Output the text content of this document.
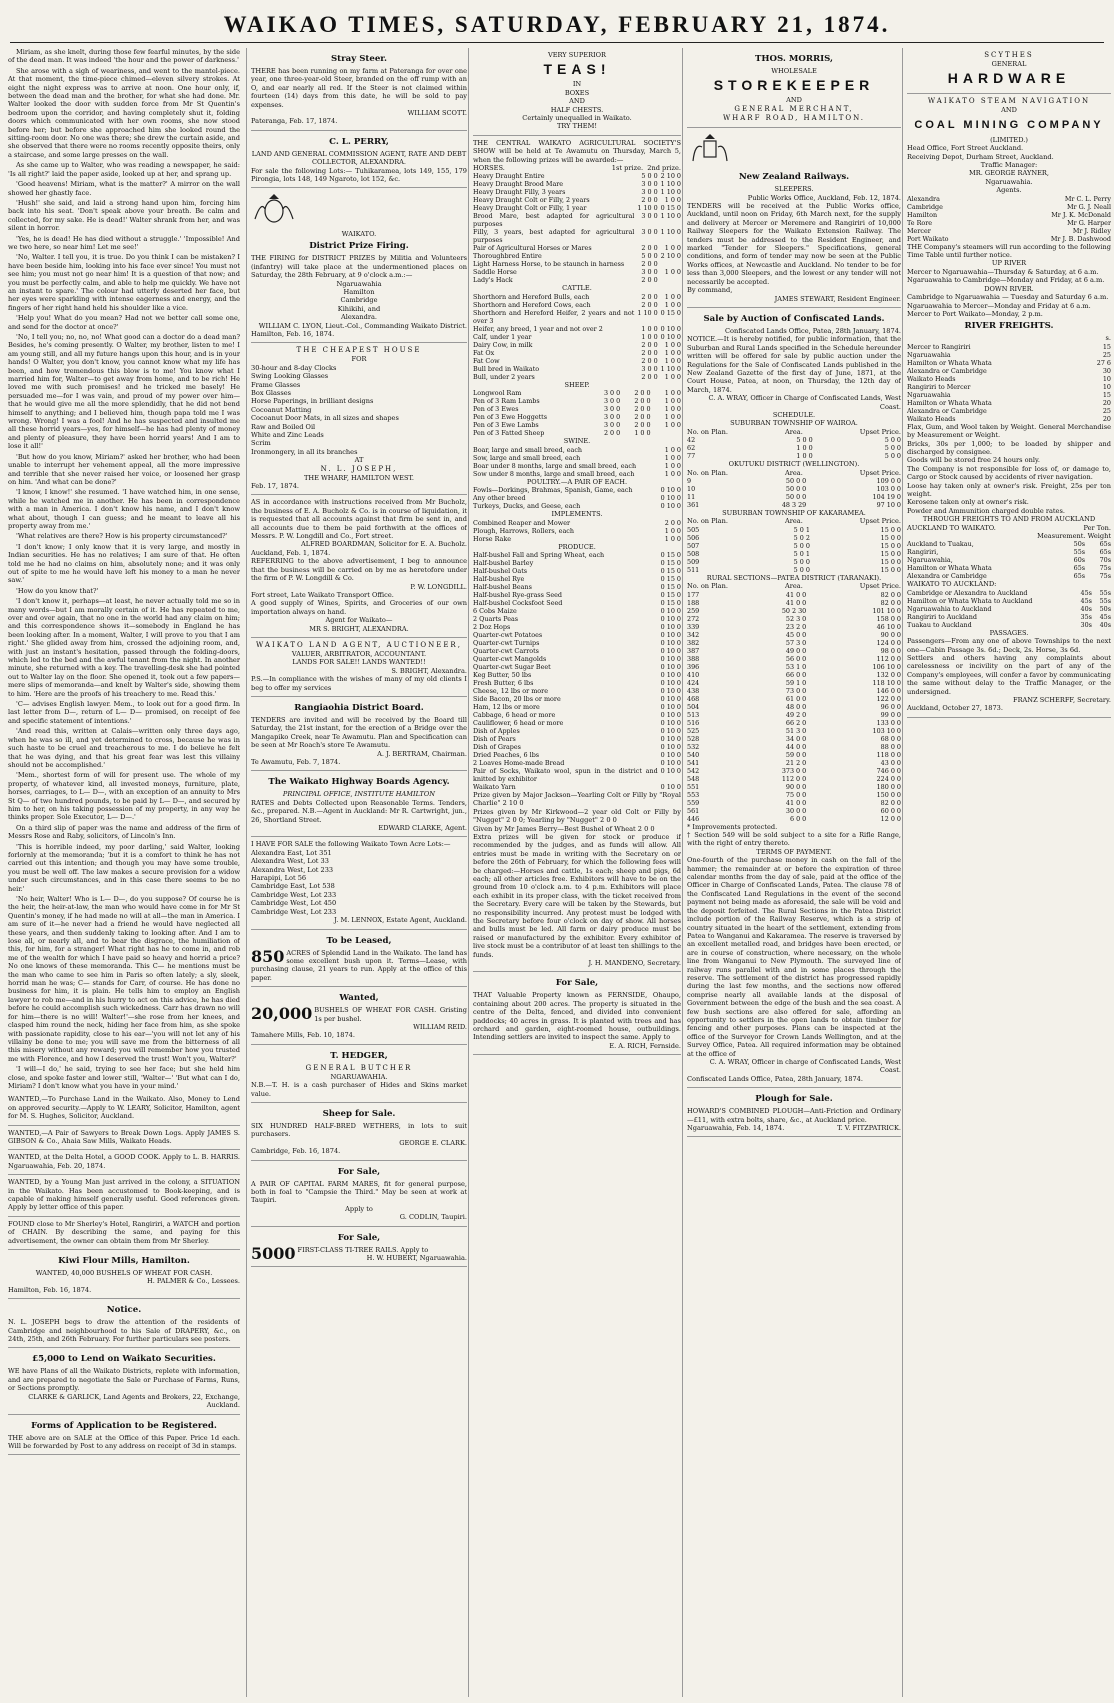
WAIKAO TIMES, SATURDAY, FEBRUARY 21, 1874.

Miriam, as she knelt, during those few fearful minutes, by the side of the dead man. It was indeed 'the hour and the power of darkness.'

She arose with a sigh of weariness, and went to the mantel-piece. At that moment, the time-piece chimed—eleven silvery strokes. At eight the night express was to arrive at noon. One hour only, if, between the dead man and the brother, for what she had done. Mr. Walter looked the door with sudden force from Mr St Quentin's bedroom upon the corridor, and having completely shut it, folding doors which communicated with her own rooms, she now stood before her; but before she approached him she looked round the sitting-room door. No one was there; she drew the curtain aside, and she observed that there were no rooms recently opposite theirs, only a staircase, and some large presses on the wall.

As she came up to Walter, who was reading a newspaper, he said: 'Is all right?' laid the paper aside, looked up at her, and sprang up.

'Good heavens! Miriam, what is the matter?' A mirror on the wall showed her ghastly face.

'Hush!' she said, and laid a strong hand upon him, forcing him back into his seat. 'Don't speak above your breath. Be calm and collected, for my sake. He is dead!' Walter shrank from her, and was silent in horror.

'Yes, he is dead! He has died without a struggle.' 'Impossible! And we two here, so near him! Let me see!'

'No, Walter. I tell you, it is true. Do you think I can be mistaken? I have been beside him, looking into his face ever since! You must not see him; you must not go near him! It is a question of that now; and you must be perfectly calm, and able to help me quickly. We have not an instant to spare.' The colour had utterly deserted her face, but her eyes were sparkling with intense eagerness and energy, and the fingers of her right hand held his shoulder like a vice.

'Help you! What do you mean? Had not we better call some one, and send for the doctor at once?'

'No, I tell you; no, no, no! What good can a doctor do a dead man? Besides, he's coming presently. O Walter, my brother, listen to me! I am young still, and all my future hangs upon this hour, and is in your hands! O Walter, you don't know, you cannot know what my life has been, and how tremendous this blow is to me! You know what I married him for, Walter—to get away from home, and to be rich! He loved me with such promises! and he tricked me basely! He persuaded me—for I was vain, and proud of my power over him—that he would give me all the more splendidly, that he did not bend himself to anything; and I believed him, though papa told me I was wrong. Wrong! I was a fool! And he has suspected and insulted me all these horrid years—yes, for himself—he has had plenty of money and plenty of pleasure, they have been horrid years! And I am to lose it all!'

'But how do you know, Miriam?' asked her brother, who had been unable to interrupt her vehement appeal, all the more impressive and terrible that she never raised her voice, or loosened her grasp on him. 'And what can be done?'

'I know, I know!' she resumed. 'I have watched him, in one sense, while he watched me in another. He has been in correspondence with a man in America. I don't know his name, and I don't know what about, though I can guess; and he meant to leave all his property away from me.'

'What relatives are there? How is his property circumstanced?'

'I don't know; I only know that it is very large, and mostly in Indian securities. He has no relatives; I am sure of that. He often told me he had no claims on him, absolutely none; and it was only out of spite to me he would have left his money to a man he never saw.'

'How do you know that?'

'I don't know it, perhaps—at least, he never actually told me so in many words—but I am morally certain of it. He has repeated to me, over and over again, that no one in the world had any claim on him; and this correspondence shows it—somebody in England he has been looking after. In a moment, Walter, I will prove to you that I am right.' She glided away from him, crossed the adjoining room, and, with just an instant's hesitation, passed through the folding-doors, which led to the bed and the awful tenant from the night. In another minute, she returned with a key. The travelling-desk she had pointed out to Walter lay on the floor. She opened it, took out a few papers—mere slips of memoranda—and knelt by Walter's side, showing them to him. 'Here are the proofs of his treachery to me. Read this.'

'C— advises English lawyer. Mem., to look out for a good firm. In last letter from D—, return of L— D— promised, on receipt of fee and specific statement of intentions.'

'And read this, written at Calais—written only three days ago, when he was so ill, and yet determined to cross, because he was in such haste to be cruel and treacherous to me. I do believe he felt that he was dying, and that his great fear was lest this villainy should not be accomplished.'

'Mem., shortest form of will for present use. The whole of my property, of whatever kind, all invested moneys, furniture, plate, horses, carriages, to L— D—, with an exception of an annuity to Mrs St Q— of two hundred pounds, to be paid by L— D—, and secured by him to her, on his taking possession of my property, in any way he thinks proper. Sole Executor, L— D—.'

On a third slip of paper was the name and address of the firm of Messrs Rose and Raby, solicitors, of Lincoln's Inn.

'This is horrible indeed, my poor darling,' said Walter, looking forlornly at the memoranda; 'but it is a comfort to think he has not carried out this intention; and though you may have some trouble, you must be well off. The law makes a secure provision for a widow under such circumstances, and in this case there seems to be no heir.'

'No heir, Walter! Who is L— D—, do you suppose? Of course he is the heir, the heir-at-law, the man who would have come in for Mr St Quentin's money, if he had made no will at all—the man in America. I am sure of it—he never had a friend he would have neglected all these years, and then suddenly taking to looking after. And I am to lose all, or nearly all, and to bear the disgrace, the humiliation of this, for him, for a stranger! What right has he to come in, and rob me of the wealth for which I have paid so heavy and horrid a price? No one knows of these memoranda. This C— he mentions must be the man who came to see him in Paris so often lately; a sly, sleek, horrid man he was; C— stands for Carr, of course. He has done no business for him, it is plain. He tells him to employ an English lawyer to rob me—and in his hurry to act on this advice, he has died before he could accomplish such wickedness. Carr has drawn no will for him—there is no will! Walter!'—she rose from her knees, and clasped him round the neck, hiding her face from him, as she spoke with passionate rapidity, close to his ear—'you will not let any of his villainy be done to me; you will save me from the bitterness of all this misery without any reward; you will remember how you trusted me with Florence, and how I deserved the trust! Won't you, Walter?'

'I will—I do,' he said, trying to see her face; but she held him close, and spoke faster and lower still, 'Walter—' 'But what can I do, Miriam? I don't know what you have in your mind.'

WANTED,—To Purchase Land in the Waikato. Also, Money to Lend on approved security.—Apply to W. LEARY, Solicitor, Hamilton, agent for M. S. Hughes, Solicitor, Auckland.
WANTED,—A Pair of Sawyers to Break Down Logs. Apply JAMES S. GIBSON & Co., Ahaia Saw Mills, Waikato Heads.
WANTED, at the Delta Hotel, a GOOD COOK. Apply to L. B. HARRIS. Ngaruawahia, Feb. 20, 1874.
WANTED, by a Young Man just arrived in the colony, a SITUATION in the Waikato. Has been accustomed to Book-keeping, and is capable of making himself generally useful. Good references given. Apply by letter office of this paper.
FOUND close to Mr Sherley's Hotel, Rangiriri, a WATCH and portion of CHAIN. By describing the same, and paying for this advertisement, the owner can obtain them from Mr Sherley.
Kiwi Flour Mills, Hamilton.
WANTED, 40,000 BUSHELS OF WHEAT FOR CASH.
H. PALMER & Co., Lessees.
Hamilton, Feb. 16, 1874.
Notice.
N. L. JOSEPH begs to draw the attention of the residents of Cambridge and neighbourhood to his Sale of DRAPERY, &c., on 24th, 25th, and 26th February. For further particulars see posters.
£5,000 to Lend on Waikato Securities.
WE have Plans of all the Waikato Districts, replete with information, and are prepared to negotiate the Sale or Purchase of Farms, Runs, or Sections promptly.
CLARKE & GARLICK, Land Agents and Brokers, 22, Exchange, Auckland.
Forms of Application to be Registered.
THE above are on SALE at the Office of this Paper. Price 1d each. Will be forwarded by Post to any address on receipt of 3d in stamps.
Stray Steer.
THERE has been running on my farm at Pateranga for over one year, one three-year-old Steer, branded on the off rump with an O, and ear nearly all red. If the Steer is not claimed within fourteen (14) days from this date, he will be sold to pay expenses.
WILLIAM SCOTT.
Pateranga, Feb. 17, 1874.
C. L. PERRY,
LAND AND GENERAL COMMISSION AGENT, RATE AND DEBT COLLECTOR, ALEXANDRA.
For sale the following Lots:— Tuhikaramea, lots 149, 155, 179 Pirongia, lots 148, 149 Ngaroto, lot 152, &c.
WAIKATO.
District Prize Firing.
THE FIRING for DISTRICT PRIZES by Militia and Volunteers (infantry) will take place at the undermentioned places on Saturday, the 28th February, at 9 o'clock a.m.:—
Ngaruawahia
Hamilton
Cambridge
Kihikihi, and
Alexandra.
WILLIAM C. LYON, Lieut.-Col., Commanding Waikato District.
Hamilton, Feb. 16, 1874.
THE CHEAPEST HOUSE
FOR
30-hour and 8-day Clocks
Swing Looking Glasses
Frame Glasses
Box Glasses
Horse Paperings, in brilliant designs
Cocoanut Matting
Cocoanut Door Mats, in all sizes and shapes
Raw and Boiled Oil
White and Zinc Leads
Scrim
Ironmongery, in all its branches
AT
N. L. JOSEPH,
THE WHARF, HAMILTON WEST.
Feb. 17, 1874.
AS in accordance with instructions received from Mr Bucholz, the business of E. A. Bucholz & Co. is in course of liquidation, it is requested that all accounts against that firm be sent in, and all accounts due to them be paid forthwith at the offices of Messrs. P. W. Longdill and Co., Fort street.
ALFRED BOARDMAN, Solicitor for E. A. Bucholz.
Auckland, Feb. 1, 1874.
REFERRING to the above advertisement, I beg to announce that the business will be carried on by me as heretofore under the firm of P. W. Longdill & Co.
P. W. LONGDILL.
Fort street, Late Waikato Transport Office.
A good supply of Wines, Spirits, and Groceries of our own importation always on hand.
Agent for Waikato—
MR S. BRIGHT, ALEXANDRA.
WAIKATO LAND AGENT, AUCTIONEER,
VALUER, ARBITRATOR, ACCOUNTANT.
LANDS FOR SALE!! LANDS WANTED!!
S. BRIGHT, Alexandra.
P.S.—In compliance with the wishes of many of my old clients I beg to offer my services
Rangiaohia District Board.
TENDERS are invited and will be received by the Board till Saturday, the 21st instant, for the erection of a Bridge over the Mangapiko Creek, near Te Awamutu. Plan and Specification can be seen at Mr Roach's store Te Awamutu.
A. J. BERTRAM, Chairman.
Te Awamutu, Feb. 7, 1874.
The Waikato Highway Boards Agency.
PRINCIPAL OFFICE, INSTITUTE HAMILTON
RATES and Debts Collected upon Reasonable Terms. Tenders, &c., prepared. N.B.—Agent in Auckland: Mr R. Cartwright, jun., 26, Shortland Street.
EDWARD CLARKE, Agent.
I HAVE FOR SALE the following Waikato Town Acre Lots:—
Alexandra East, Lot 351
Alexandra West, Lot 33
Alexandra West, Lot 233
Harapipi, Lot 56
Cambridge East, Lot 538
Cambridge West, Lot 233
Cambridge West, Lot 450
Cambridge West, Lot 233
J. M. LENNOX, Estate Agent, Auckland.
To be Leased,
850 ACRES of Splendid Land in the Waikato. The land has some excellent bush upon it. Terms—Lease, with purchasing clause, 21 years to run. Apply at the office of this paper.
Wanted,
20,000 BUSHELS OF WHEAT FOR CASH. Gristing 1s per bushel.
WILLIAM REID.
Tamahere Mills, Feb. 10, 1874.
T. HEDGER,
GENERAL BUTCHER
NGARUAWAHIA.
N.B.—T. H. is a cash purchaser of Hides and Skins market value.
Sheep for Sale.
SIX HUNDRED HALF-BRED WETHERS, in lots to suit purchasers.
GEORGE E. CLARK.
Cambridge, Feb. 16, 1874.
For Sale,
A PAIR OF CAPITAL FARM MARES, fit for general purpose, both in foal to "Campsie the Third." May be seen at work at Taupiri.
Apply to
G. CODLIN, Taupiri.
For Sale,
5000 FIRST-CLASS TI-TREE RAILS. Apply to
H. W. HUBERT, Ngaruawahia.
VERY SUPERIOR
TEAS!
IN
BOXES
AND
HALF CHESTS.
Certainly unequalled in Waikato.
TRY THEM!
THE CENTRAL WAIKATO AGRICULTURAL SOCIETY'S SHOW will be held at Te Awamutu on Thursday, March 5, when the following prizes will be awarded:—
HORSES.	1st prize. 2nd prize.
Heavy Draught Entire	5 0 0	2 10 0
Heavy Draught Brood Mare	3 0 0	1 10 0
Heavy Draught Filly, 3 years	3 0 0	1 10 0
Heavy Draught Colt or Filly, 2 years	2 0 0	1 0 0
Heavy Draught Colt or Filly, 1 year	1 10 0	0 15 0
Brood Mare, best adapted for agricultural purposes	3 0 0	1 10 0
Filly, 3 years, best adapted for agricultural purposes	3 0 0	1 10 0
Pair of Agricultural Horses or Mares	2 0 0	1 0 0
Thoroughbred Entire	5 0 0	2 10 0
Light Harness Horse, to be staunch in harness	2 0 0	
Saddle Horse	3 0 0	1 0 0
Lady's Hack	2 0 0	
CATTLE.
Shorthorn and Hereford Bulls, each	2 0 0	1 0 0
Shorthorn and Hereford Cows, each	2 0 0	1 0 0
Shorthorn and Hereford Heifer, 2 years and not over 3	1 10 0	0 15 0
Heifer, any breed, 1 year and not over 2	1 0 0	0 10 0
Calf, under 1 year	1 0 0	0 10 0
Dairy Cow, in milk	2 0 0	1 0 0
Fat Ox	2 0 0	1 0 0
Fat Cow	2 0 0	1 0 0
Bull bred in Waikato	3 0 0	1 10 0
Bull, under 2 years	2 0 0	1 0 0
SHEEP.
Longwool Ram	3 0 0	2 0 0	1 0 0
Pen of 3 Ram Lambs	3 0 0	2 0 0	1 0 0
Pen of 3 Ewes	3 0 0	2 0 0	1 0 0
Pen of 3 Ewe Hoggetts	3 0 0	2 0 0	1 0 0
Pen of 3 Ewe Lambs	3 0 0	2 0 0	1 0 0
Pen of 3 Fatted Sheep	2 0 0	1 0 0	
SWINE.
Boar, large and small breed, each	1 0 0
Sow, large and small breed, each	1 0 0
Boar under 8 months, large and small breed, each	1 0 0
Sow under 8 months, large and small breed, each	1 0 0
POULTRY.—A PAIR OF EACH.
Fowls—Dorkings, Brahmas, Spanish, Game, each	0 10 0
Any other breed	0 10 0
Turkeys, Ducks, and Geese, each	0 10 0
IMPLEMENTS.
Combined Reaper and Mower	2 0 0
Plough, Harrows, Rollers, each	1 0 0
Horse Rake	1 0 0
PRODUCE.
Half-bushel Fall and Spring Wheat, each	0 15 0
Half-bushel Barley	0 15 0
Half-bushel Oats	0 15 0
Half-bushel Rye	0 15 0
Half-bushel Beans	0 15 0
Half-bushel Rye-grass Seed	0 15 0
Half-bushel Cocksfoot Seed	0 15 0
6 Cobs Maize	0 10 0
2 Quarts Peas	0 10 0
2 Doz Hops	0 10 0
Quarter-cwt Potatoes	0 10 0
Quarter-cwt Turnips	0 10 0
Quarter-cwt Carrots	0 10 0
Quarter-cwt Mangolds	0 10 0
Quarter-cwt Sugar Beet	0 10 0
Keg Butter, 50 lbs	0 10 0
Fresh Butter, 6 lbs	0 10 0
Cheese, 12 lbs or more	0 10 0
Side Bacon, 20 lbs or more	0 10 0
Ham, 12 lbs or more	0 10 0
Cabbage, 6 head or more	0 10 0
Cauliflower, 6 head or more	0 10 0
Dish of Apples	0 10 0
Dish of Pears	0 10 0
Dish of Grapes	0 10 0
Dried Peaches, 6 lbs	0 10 0
2 Loaves Home-made Bread	0 10 0
Pair of Socks, Waikato wool, spun in the district and knitted by exhibitor	0 10 0
Waikato Yarn	0 10 0
Prize given by Major Jackson—Yearling Colt or Filly by "Royal Charlie" 2 10 0
Prizes given by Mr Kirkwood—2 year old Colt or Filly by "Nugget" 2 0 0; Yearling by "Nugget" 2 0 0
Given by Mr James Berry—Best Bushel of Wheat 2 0 0
Extra prizes will be given for stock or produce if recommended by the judges, and as funds will allow. All entries must be made in writing with the Secretary on or before the 26th of February, for which the following fees will be charged:—Horses and cattle, 1s each; sheep and pigs, 6d each; all other articles free. Exhibitors will have to be on the ground from 10 o'clock a.m. to 4 p.m. Exhibitors will place each exhibit in its proper class, with the ticket received from the Secretary. Every care will be taken by the Stewards, but no responsibility incurred. Any protest must be lodged with the Secretary before four o'clock on day of show. All horses and bulls must be led. All farm or dairy produce must be raised or manufactured by the exhibitor. Every exhibitor of live stock must be a contributor of at least ten shillings to the funds.
J. H. MANDENO, Secretary.
For Sale,
THAT Valuable Property known as FERNSIDE, Ohaupo, containing about 200 acres. The property is situated in the centre of the Delta, fenced, and divided into convenient paddocks; 40 acres in grass. It is planted with trees and has orchard and garden, eight-roomed house, outbuildings. Intending settlers are invited to inspect the same. Apply to
E. A. RICH, Fernside.
THOS. MORRIS,
WHOLESALE
STOREKEEPER
AND
GENERAL MERCHANT,
WHARF ROAD, HAMILTON.
New Zealand Railways.
SLEEPERS.
Public Works Office, Auckland, Feb. 12, 1874.
TENDERS will be received at the Public Works office, Auckland, until noon on Friday, 6th March next, for the supply and delivery at Mercer or Meremere and Rangiriri of 10,000 Railway Sleepers for the Waikato Extension Railway. The tenders must be addressed to the Resident Engineer, and marked "Tender for Sleepers." Specifications, general conditions, and form of tender may now be seen at the Public Works offices, at Newcastle and Auckland. No tender to be for less than 3,000 Sleepers, and the lowest or any tender will not necessarily be accepted.
By command,
JAMES STEWART, Resident Engineer.
Sale by Auction of Confiscated Lands.
Confiscated Lands Office, Patea, 28th January, 1874.
NOTICE.—It is hereby notified, for public information, that the Suburban and Rural Lands specified in the Schedule hereunder written will be offered for sale by public auction under the Regulations for the Sale of Confiscated Lands published in the New Zealand Gazette of the first day of June, 1871, at the Court House, Patea, at noon, on Thursday, the 12th day of March, 1874.
C. A. WRAY, Officer in Charge of Confiscated Lands, West Coast.
SCHEDULE.
SUBURBAN TOWNSHIP OF WAIROA.
No. on Plan.	Area.	Upset Price.
42	5 0 0	5 0 0
62	1 0 0	5 0 0
77	1 0 0	5 0 0
OKUTUKU DISTRICT (WELLINGTON).
No. on Plan.	Area.	Upset Price.
9	50 0 0	109 0 0
10	50 0 0	103 0 0
11	50 0 0	104 19 0
361	48 3 29	97 10 0
SUBURBAN TOWNSHIP OF KAKARAMEA.
No. on Plan.	Area.	Upset Price.
505	5 0 1	15 0 0
506	5 0 2	15 0 0
507	5 0 0	15 0 0
508	5 0 1	15 0 0
509	5 0 0	15 0 0
511	5 0 0	15 0 0
RURAL SECTIONS—PATEA DISTRICT (TARANAKI).
No. on Plan.	Area.	Upset Price.
177	41 0 0	82 0 0
188	41 0 0	82 0 0
259	50 2 30	101 10 0
272	52 3 0	158 0 0
339	23 2 0	46 10 0
342	45 0 0	90 0 0
382	57 3 0	124 0 0
387	49 0 0	98 0 0
388	56 0 0	112 0 0
396	53 1 0	106 10 0
410	66 0 0	132 0 0
424	59 1 0	118 10 0
438	73 0 0	146 0 0
468	61 0 0	122 0 0
504	48 0 0	96 0 0
513	49 2 0	99 0 0
516	66 2 0	133 0 0
525	51 3 0	103 10 0
528	34 0 0	68 0 0
532	44 0 0	88 0 0
540	59 0 0	118 0 0
541	21 2 0	43 0 0
542	373 0 0	746 0 0
548	112 0 0	224 0 0
551	90 0 0	180 0 0
553	75 0 0	150 0 0
559	41 0 0	82 0 0
561	30 0 0	60 0 0
446	6 0 0	12 0 0
* Improvements protected.
† Section 549 will be sold subject to a site for a Rifle Range, with the right of entry thereto.
TERMS OF PAYMENT.
One-fourth of the purchase money in cash on the fall of the hammer; the remainder at or before the expiration of three calendar months from the day of sale, paid at the office of the Officer in Charge of Confiscated Lands, Patea. The clause 78 of the Confiscated Land Regulations in the event of the second payment not being made as aforesaid, the sale will be void and the deposit forfeited. The Rural Sections in the Patea District include portion of the Railway Reserve, which is a strip of country situated in the heart of the settlement, extending from Patea to Wanganui and Kakaramea. The reserve is traversed by an excellent metalled road, and bridges have been erected, or are in course of construction, where necessary, on the whole line from Wanganui to New Plymouth. The surveyed line of railway runs parallel with and in some places through the reserve. The settlement of the district has progressed rapidly during the last few months, and the sections now offered comprise nearly all available lands at the disposal of Government between the edge of the bush and the sea coast. A few bush sections are also offered for sale, affording an opportunity to settlers in the open lands to obtain timber for fencing and other purposes. Plans can be inspected at the office of the Surveyor for Crown Lands Wellington, and at the Survey Office, Patea. All required information may be obtained at the office of
C. A. WRAY, Officer in charge of Confiscated Lands, West Coast.
Confiscated Lands Office, Patea, 28th January, 1874.
Plough for Sale.
HOWARD'S COMBINED PLOUGH—Anti-Friction and Ordinary—£11, with extra bolts, share, &c., at Auckland price.
Ngaruawahia, Feb. 14, 1874.	T. V. FITZPATRICK.
SCYTHES
GENERAL
HARDWARE
WAIKATO STEAM NAVIGATION
AND
COAL MINING COMPANY
(LIMITED.)
Head Office, Fort Street Auckland.
Receiving Depot, Durham Street, Auckland.
Traffic Manager:
MR. GEORGE RAYNER,
Ngaruawahia.
Agents.
Alexandra	Mr C. L. Perry
Cambridge	Mr G. J. Neall
Hamilton	Mr J. K. McDonald
Te Rore	Mr G. Harper
Mercer	Mr J. Ridley
Port Waikato	Mr J. B. Dashwood
THE Company's steamers will run according to the following Time Table until further notice.
UP RIVER
Mercer to Ngaruawahia—Thursday & Saturday, at 6 a.m.
Ngaruawahia to Cambridge—Monday and Friday, at 6 a.m.
DOWN RIVER.
Cambridge to Ngaruawahia — Tuesday and Saturday 6 a.m.
Ngaruawahia to Mercer—Monday and Friday at 6 a.m.
Mercer to Port Waikato—Monday, 2 p.m.
RIVER FREIGHTS.
s.
Mercer to Rangiriri	15
Ngaruawahia	25
Hamilton or Whata Whata	27 6
Alexandra or Cambridge	30
Waikato Heads	10
Rangiriri to Mercer	10
Ngaruawahia	15
Hamilton or Whata Whata	20
Alexandra or Cambridge	25
Waikato Heads	20
Flax, Gum, and Wool taken by Weight. General Merchandise by Measurement or Weight.
Bricks, 30s per 1,000; to be loaded by shipper and discharged by consignee.
Goods will be stored free 24 hours only.
The Company is not responsible for loss of, or damage to, Cargo or Stock caused by accidents of river navigation.
Loose hay taken only at owner's risk. Freight, 25s per ton weight.
Kerosene taken only at owner's risk.
Powder and Ammunition charged double rates.
THROUGH FREIGHTS TO AND FROM AUCKLAND
AUCKLAND TO WAIKATO.	Per Ton.
Measurement. Weight
Auckland to Tuakau,	50s	65s
Rangiriri,	55s	65s
Ngaruawahia,	60s	70s
Hamilton or Whata Whata	65s	75s
Alexandra or Cambridge	65s	75s
WAIKATO TO AUCKLAND:
Cambridge or Alexandra to Auckland	45s	55s
Hamilton or Whata Whata to Auckland	45s	55s
Ngaruawahia to Auckland	40s	50s
Rangiriri to Auckland	35s	45s
Tuakau to Auckland	30s	40s
PASSAGES.
Passengers—From any one of above Townships to the next one—Cabin Passage 3s. 6d.; Deck, 2s. Horse, 3s 6d.
Settlers and others having any complaints about carelessness or incivility on the part of any of the Company's employees, will confer a favor by communicating the same without delay to the Traffic Manager, or the undersigned.
FRANZ SCHERFF, Secretary.
Auckland, October 27, 1873.
